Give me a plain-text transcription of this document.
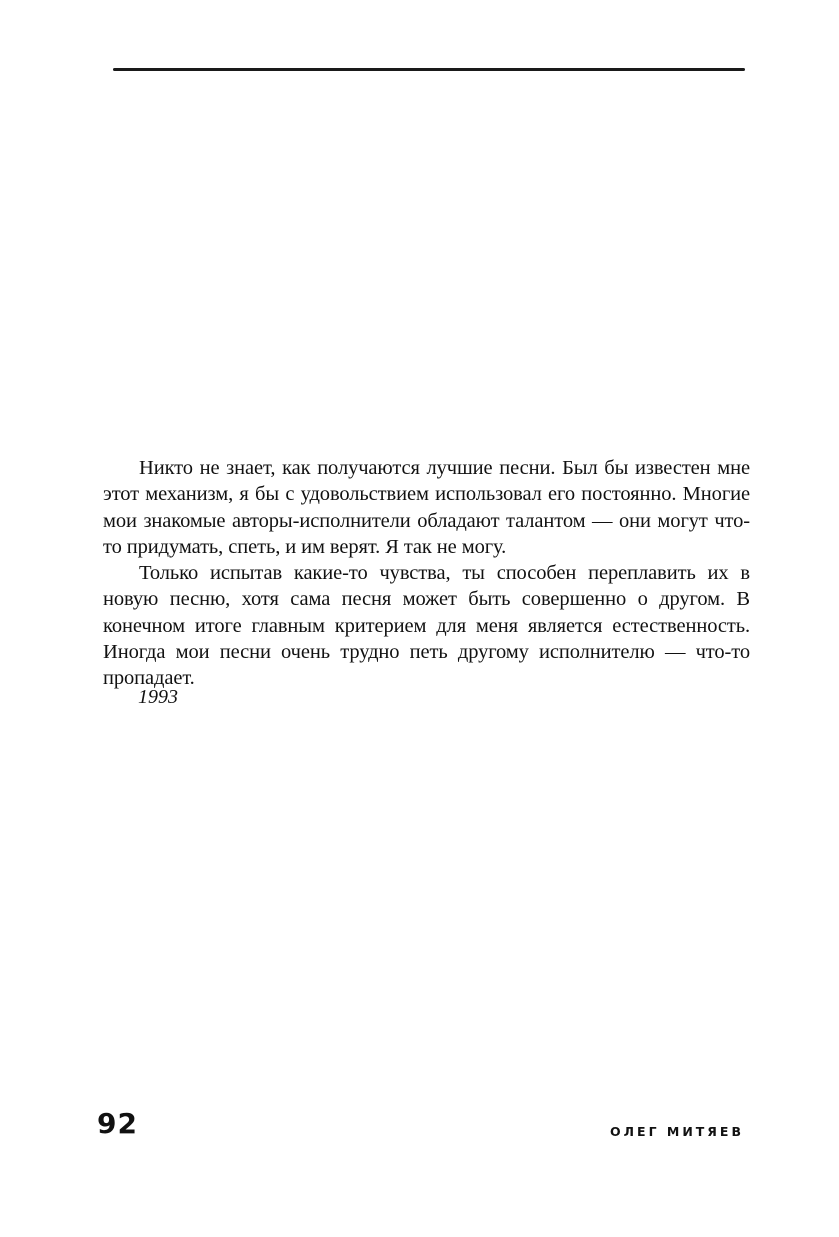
Никто не знает, как получаются лучшие песни. Был бы известен мне этот механизм, я бы с удовольствием использовал его постоянно. Многие мои знакомые авторы-исполнители обладают талантом — они могут что-то придумать, спеть, и им верят. Я так не могу.

Только испытав какие-то чувства, ты способен переплавить их в новую песню, хотя сама песня может быть совершенно о другом. В конечном итоге главным критерием для меня является естественность. Иногда мои песни очень трудно петь другому исполнителю — что-то пропадает.

1993
92	ОЛЕГ МИТЯЕВ
